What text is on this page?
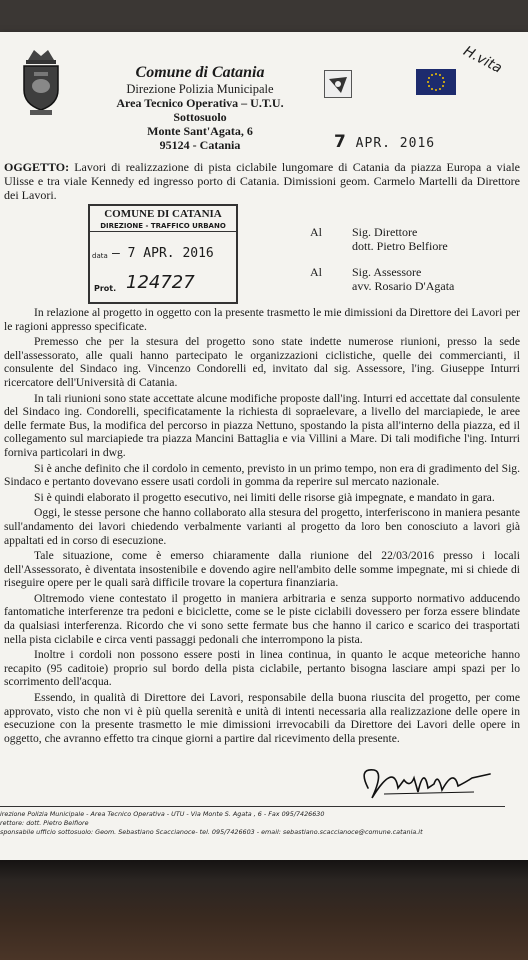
Comune di Catania
Direzione Polizia Municipale
Area Tecnico Operativa – U.T.U.
Sottosuolo
Monte Sant'Agata, 6
95124 - Catania
H.vita
7 APR. 2016
OGGETTO: Lavori di realizzazione di pista ciclabile lungomare di Catania da piazza Europa a viale Ulisse e tra viale Kennedy ed ingresso porto di Catania. Dimissioni geom. Carmelo Martelli da Direttore dei Lavori.
COMUNE DI CATANIA
DIREZIONE - TRAFFICO URBANO
data – 7 APR. 2016
Prot. 124727
Al	Sig. Direttore
dott. Pietro Belfiore
Al	Sig. Assessore
avv. Rosario D'Agata

In relazione al progetto in oggetto con la presente trasmetto le mie dimissioni da Direttore dei Lavori per le ragioni appresso specificate.

Premesso che per la stesura del progetto sono state indette numerose riunioni, presso la sede dell'assessorato, alle quali hanno partecipato le organizzazioni ciclistiche, quelle dei commercianti, il consulente del Sindaco ing. Vincenzo Condorelli ed, invitato dal sig. Assessore, l'ing. Giuseppe Inturri ricercatore dell'Università di Catania.

In tali riunioni sono state accettate alcune modifiche proposte dall'ing. Inturri ed accettate dal consulente del Sindaco ing. Condorelli, specificatamente la richiesta di sopraelevare, a livello del marciapiede, le aree delle fermate Bus, la modifica del percorso in piazza Nettuno, spostando la pista all'interno della piazza, ed il collegamento sul marciapiede tra piazza Mancini Battaglia e via Villini a Mare. Di tali modifiche l'ing. Inturri forniva particolari in dwg.

Si è anche definito che il cordolo in cemento, previsto in un primo tempo, non era di gradimento del Sig. Sindaco e pertanto dovevano essere usati cordoli in gomma da reperire sul mercato nazionale.

Si è quindi elaborato il progetto esecutivo, nei limiti delle risorse già impegnate, e mandato in gara.

Oggi, le stesse persone che hanno collaborato alla stesura del progetto, interferiscono in maniera pesante sull'andamento dei lavori chiedendo verbalmente varianti al progetto da loro ben conosciuto a lavori già appaltati ed in corso di esecuzione.

Tale situazione, come è emerso chiaramente dalla riunione del 22/03/2016 presso i locali dell'Assessorato, è diventata insostenibile e dovendo agire nell'ambito delle somme impegnate, mi si chiede di riseguire opere per le quali sarà difficile trovare la copertura finanziaria.

Oltremodo viene contestato il progetto in maniera arbitraria e senza supporto normativo adducendo fantomatiche interferenze tra pedoni e biciclette, come se le piste ciclabili dovessero per forza essere blindate da qualsiasi interferenza. Ricordo che vi sono sette fermate bus che hanno il carico e scarico dei trasportati nella pista ciclabile e circa venti passaggi pedonali che interrompono la pista.

Inoltre i cordoli non possono essere posti in linea continua, in quanto le acque meteoriche hanno recapito (95 caditoie) proprio sul bordo della pista ciclabile, pertanto bisogna lasciare ampi spazi per lo scorrimento dell'acqua.

Essendo, in qualità di Direttore dei Lavori, responsabile della buona riuscita del progetto, per come approvato, visto che non vi è più quella serenità e unità di intenti necessaria alla realizzazione delle opere in esecuzione con la presente trasmetto le mie dimissioni irrevocabili da Direttore dei Lavori delle opere in oggetto, che avranno effetto tra cinque giorni a partire dal ricevimento della presente.

irezione Polizia Municipale - Area Tecnico Operativa - UTU - Via Monte S. Agata , 6 - Fax 095/7426630
rettore: dott. Pietro Belfiore
sponsabile ufficio sottosuolo: Geom. Sebastiano Scaccianoce- tel. 095/7426603 - email: sebastiano.scaccianoce@comune.catania.it
